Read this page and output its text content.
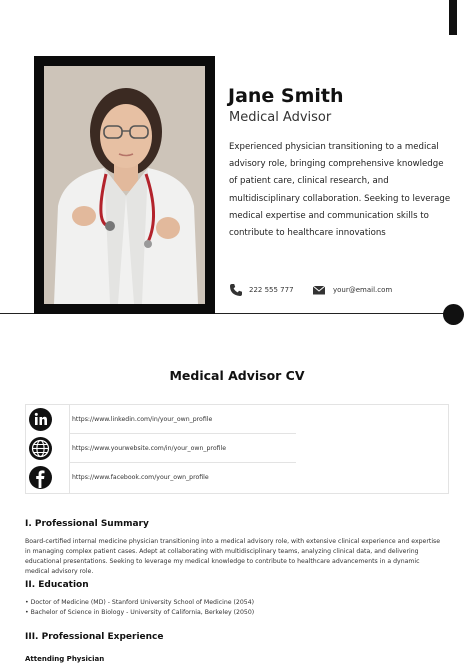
Jane Smith
Medical Advisor
Experienced physician transitioning to a medical advisory role, bringing comprehensive knowledge of patient care, clinical research, and multidisciplinary collaboration. Seeking to leverage medical expertise and communication skills to contribute to healthcare innovations
222 555 777	your@email.com
Medical Advisor CV
https://www.linkedin.com/in/your_own_profile
https://www.yourwebsite.com/in/your_own_profile
https://www.facebook.com/your_own_profile
I. Professional Summary
Board-certified internal medicine physician transitioning into a medical advisory role, with extensive clinical experience and expertise in managing complex patient cases. Adept at collaborating with multidisciplinary teams, analyzing clinical data, and delivering educational presentations. Seeking to leverage my medical knowledge to contribute to healthcare advancements in a dynamic medical advisory role.
II. Education
• Doctor of Medicine (MD) - Stanford University School of Medicine (2054)
• Bachelor of Science in Biology - University of California, Berkeley (2050)
III. Professional Experience
Attending Physician
